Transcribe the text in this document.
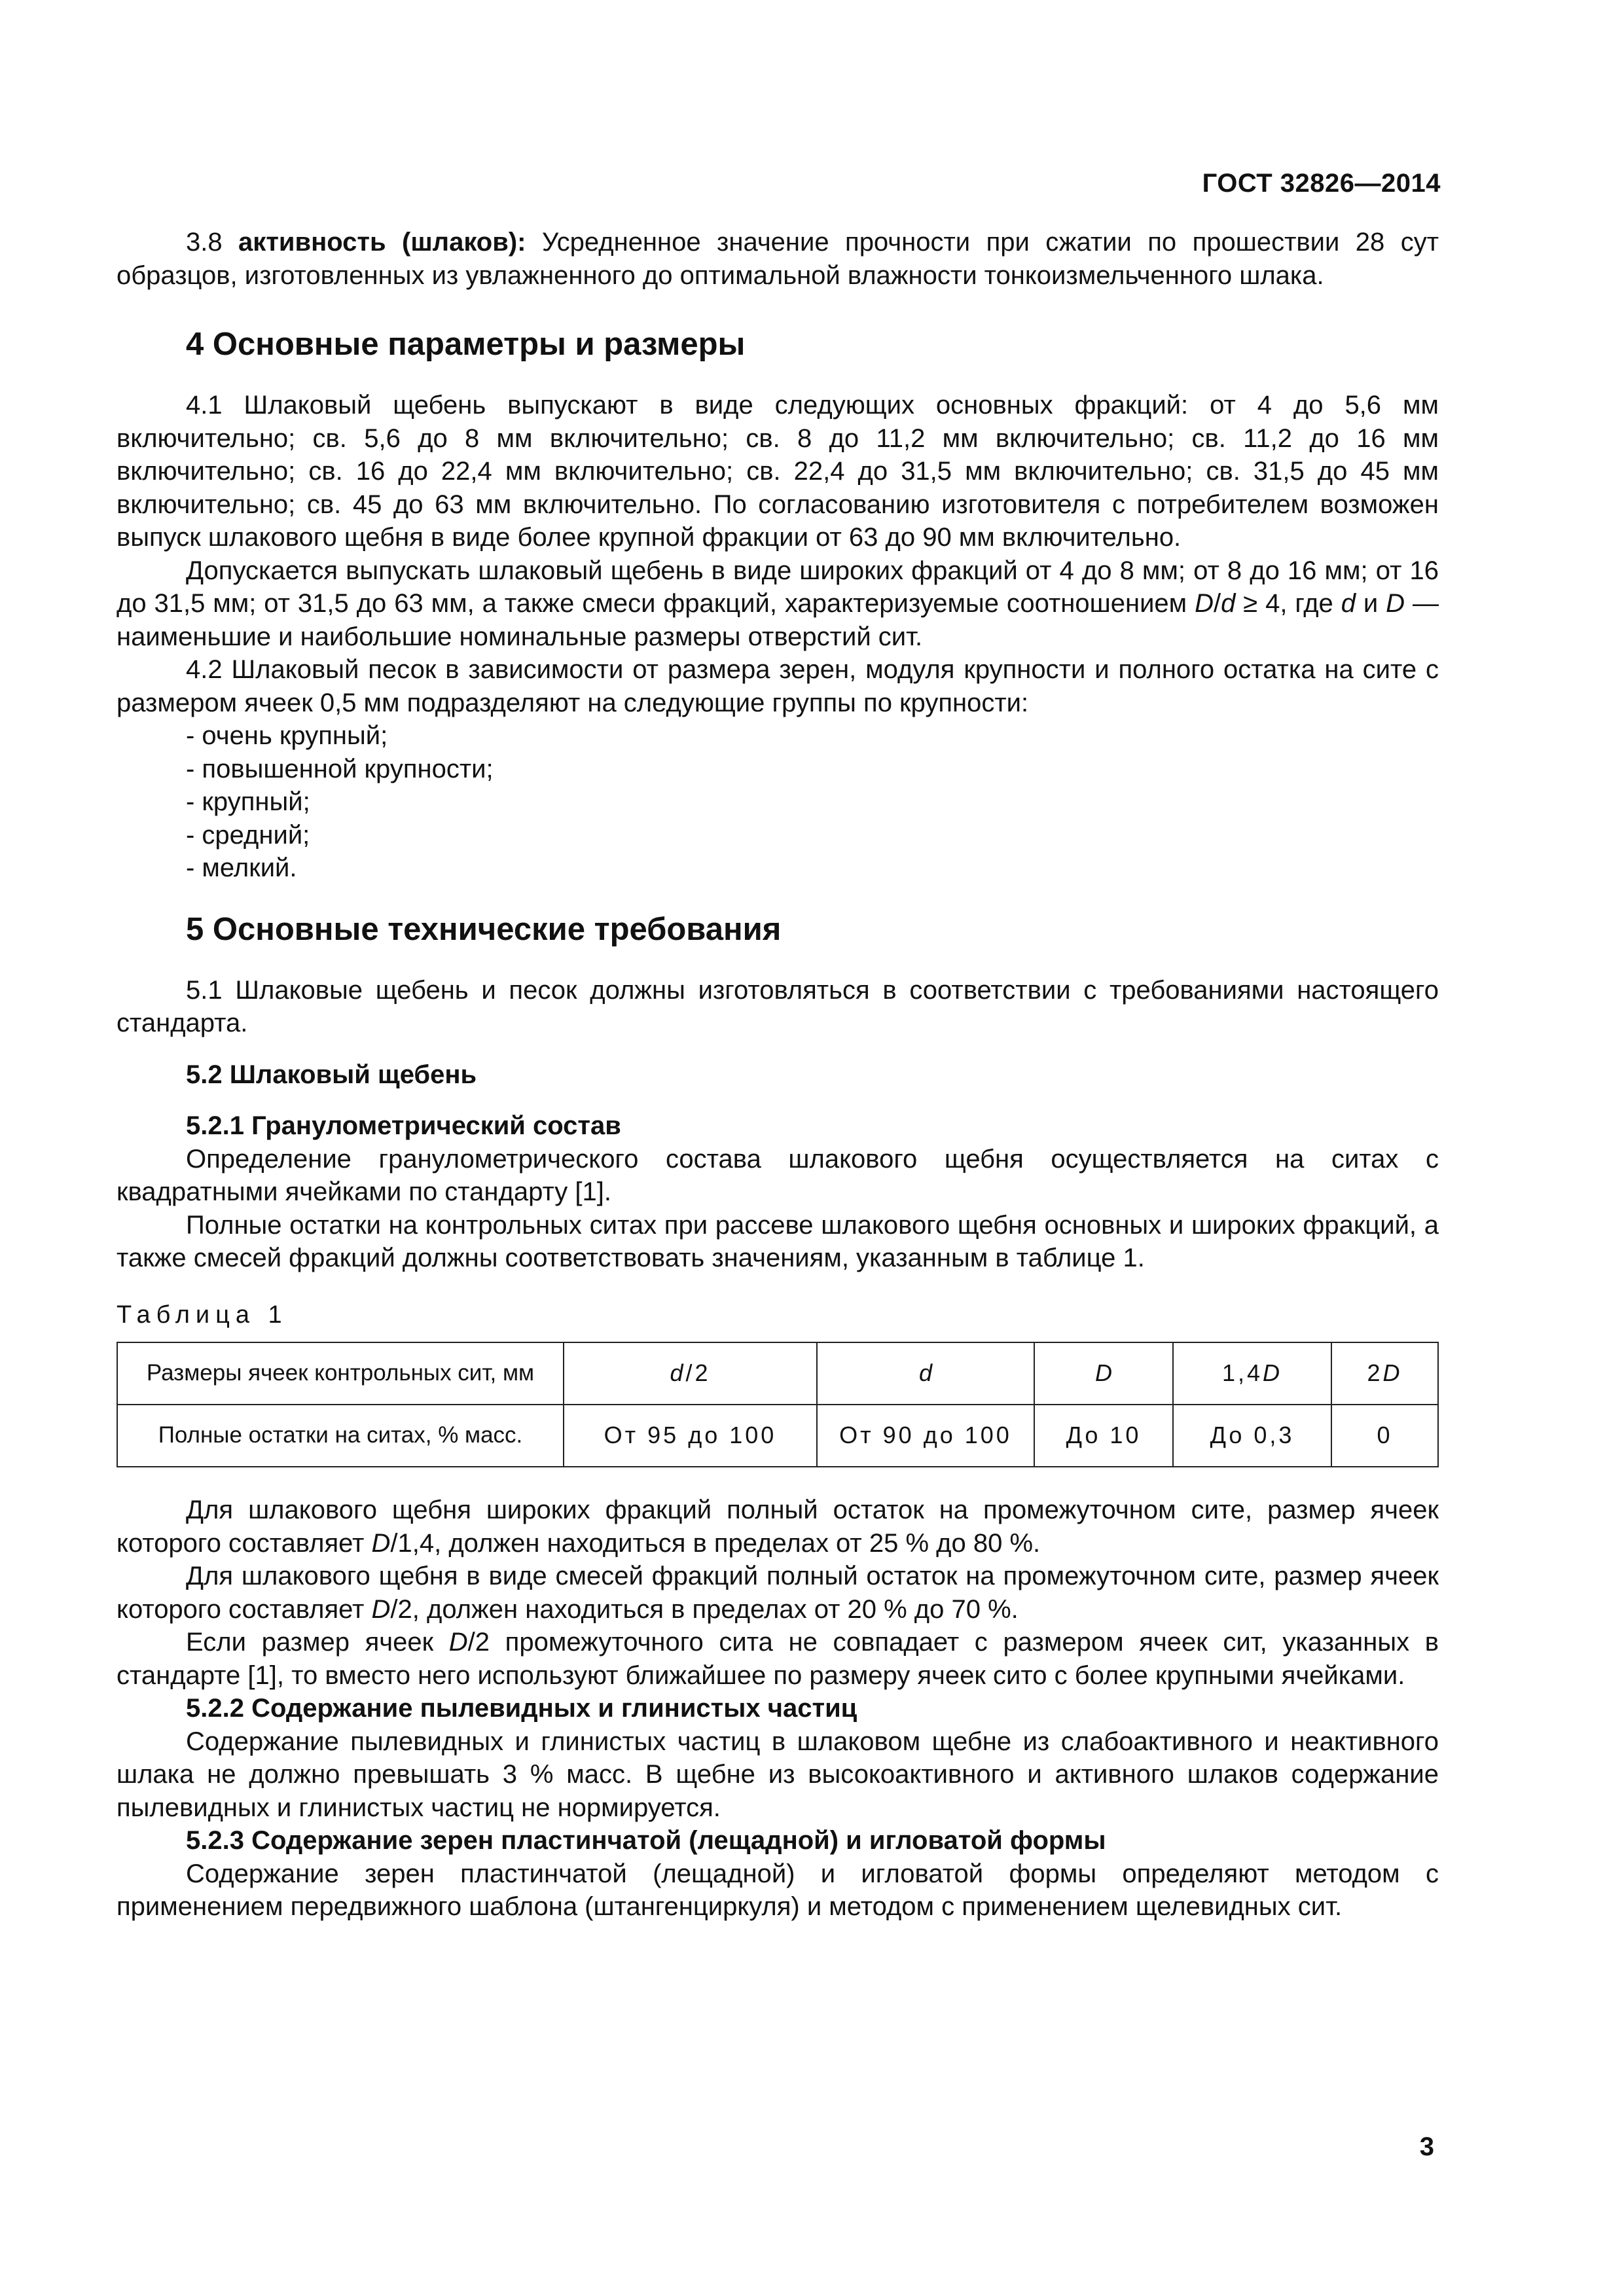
ГОСТ 32826—2014

3.8 активность (шлаков): Усредненное значение прочности при сжатии по прошествии 28 сут образцов, изготовленных из увлажненного до оптимальной влажности тонкоизмельченного шлака.

4 Основные параметры и размеры

4.1 Шлаковый щебень выпускают в виде следующих основных фракций: от 4 до 5,6 мм включительно; св. 5,6 до 8 мм включительно; св. 8 до 11,2 мм включительно; св. 11,2 до 16 мм включительно; св. 16 до 22,4 мм включительно; св. 22,4 до 31,5 мм включительно; св. 31,5 до 45 мм включительно; св. 45 до 63 мм включительно. По согласованию изготовителя с потребителем возможен выпуск шлакового щебня в виде более крупной фракции от 63 до 90 мм включительно.

Допускается выпускать шлаковый щебень в виде широких фракций от 4 до 8 мм; от 8 до 16 мм; от 16 до 31,5 мм; от 31,5 до 63 мм, а также смеси фракций, характеризуемые соотношением D/d ≥ 4, где d и D — наименьшие и наибольшие номинальные размеры отверстий сит.

4.2 Шлаковый песок в зависимости от размера зерен, модуля крупности и полного остатка на сите с размером ячеек 0,5 мм подразделяют на следующие группы по крупности:

- очень крупный;
- повышенной крупности;
- крупный;
- средний;
- мелкий.
5 Основные технические требования

5.1 Шлаковые щебень и песок должны изготовляться в соответствии с требованиями настоящего стандарта.

5.2 Шлаковый щебень

5.2.1 Гранулометрический состав

Определение гранулометрического состава шлакового щебня осуществляется на ситах с квадратными ячейками по стандарту [1].

Полные остатки на контрольных ситах при рассеве шлакового щебня основных и широких фракций, а также смесей фракций должны соответствовать значениям, указанным в таблице 1.

Таблица 1

Размеры ячеек контрольных сит, мм	d/2	d	D	1,4D	2D
Полные остатки на ситах, % масс.	От 95 до 100	От 90 до 100	До 10	До 0,3	0

Для шлакового щебня широких фракций полный остаток на промежуточном сите, размер ячеек которого составляет D/1,4, должен находиться в пределах от 25 % до 80 %.

Для шлакового щебня в виде смесей фракций полный остаток на промежуточном сите, размер ячеек которого составляет D/2, должен находиться в пределах от 20 % до 70 %.

Если размер ячеек D/2 промежуточного сита не совпадает с размером ячеек сит, указанных в стандарте [1], то вместо него используют ближайшее по размеру ячеек сито с более крупными ячейками.

5.2.2 Содержание пылевидных и глинистых частиц

Содержание пылевидных и глинистых частиц в шлаковом щебне из слабоактивного и неактивного шлака не должно превышать 3 % масс. В щебне из высокоактивного и активного шлаков содержание пылевидных и глинистых частиц не нормируется.

5.2.3 Содержание зерен пластинчатой (лещадной) и игловатой формы

Содержание зерен пластинчатой (лещадной) и игловатой формы определяют методом с применением передвижного шаблона (штангенциркуля) и методом с применением щелевидных сит.

3
